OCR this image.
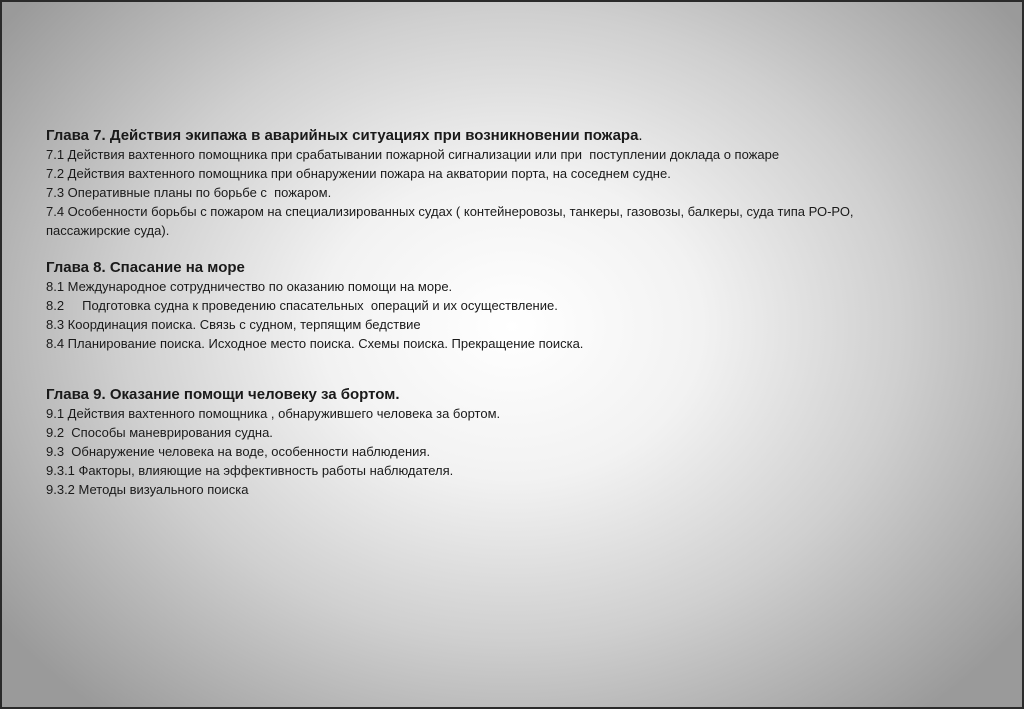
Глава 7. Действия экипажа в аварийных ситуациях при возникновении пожара.

7.1 Действия вахтенного помощника при срабатывании пожарной сигнализации или при  поступлении доклада о пожаре

7.2 Действия вахтенного помощника при обнаружении пожара на акватории порта, на соседнем судне.

7.3 Оперативные планы по борьбе с  пожаром.

7.4 Особенности борьбы с пожаром на специализированных судах ( контейнеровозы, танкеры, газовозы, балкеры, суда типа РО-РО,
пассажирские суда).

Глава 8. Спасание на море

8.1 Международное сотрудничество по оказанию помощи на море.

8.2     Подготовка судна к проведению спасательных  операций и их осуществление.

8.3 Координация поиска. Связь с судном, терпящим бедствие

8.4 Планирование поиска. Исходное место поиска. Схемы поиска. Прекращение поиска.

Глава 9. Оказание помощи человеку за бортом.

9.1 Действия вахтенного помощника , обнаружившего человека за бортом.

9.2  Способы маневрирования судна.

9.3  Обнаружение человека на воде, особенности наблюдения.

9.3.1 Факторы, влияющие на эффективность работы наблюдателя.

9.3.2 Методы визуального поиска
